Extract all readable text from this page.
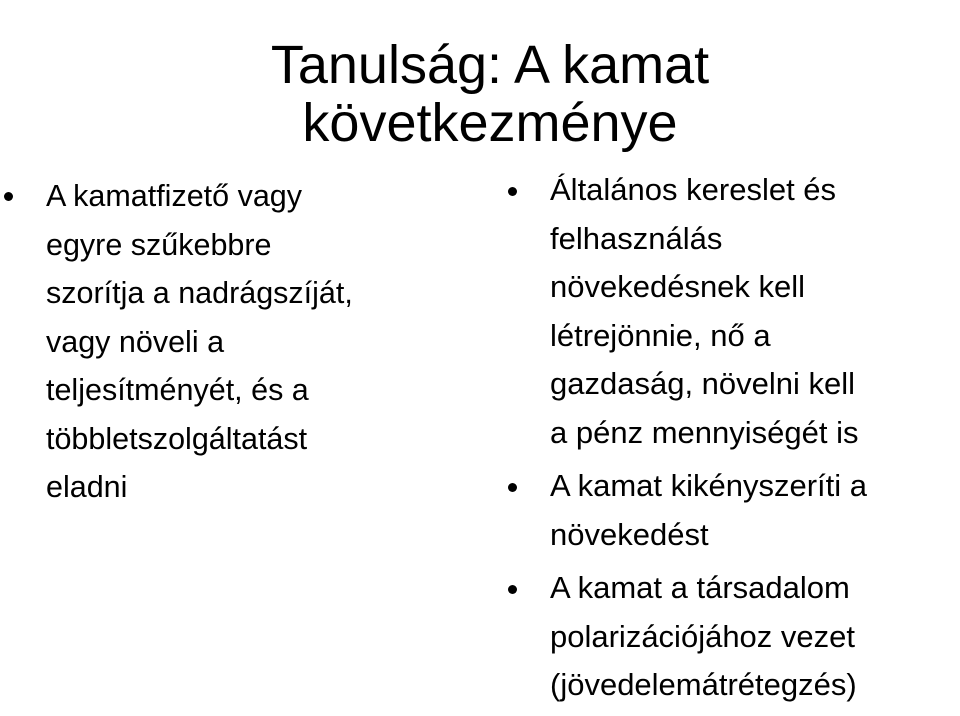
Tanulság: A kamat
következménye
A kamatfizető vagy
egyre szűkebbre
szorítja a nadrágszíját,
vagy növeli a
teljesítményét, és a
többletszolgáltatást
eladni
Általános kereslet és
felhasználás
növekedésnek kell
létrejönnie, nő a
gazdaság, növelni kell
a pénz mennyiségét is
A kamat kikényszeríti a
növekedést
A kamat a társadalom
polarizációjához vezet
(jövedelemátrétegzés)
